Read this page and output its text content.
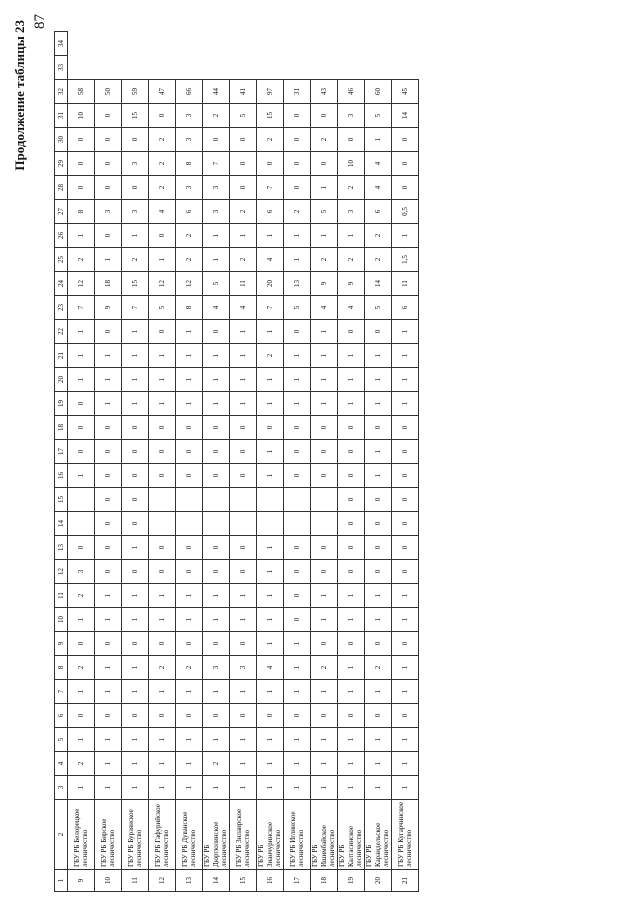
Продолжение таблицы 23 87
1	2	3	4	5	6	7	8	9	10	11	12	13	14	15	16	17	18	19	20	21	22	23	24	25	26	27	28	29	30	31	32	33	34
9	ГБУ РБ Белорецкое лесничество	1	2	1	0	1	2	0	1	2	3	0			1	0	0	0	1	1	1	7	12	2	1	8	0	0	0	10	58		
10	ГБУ РБ Бирское лесничество	1	1	1	0	1	1	0	1	1	0	0	0	0	0	0	0	1	1	1	0	9	18	1	0	3	0	0	0	0	50		
11	ГБУ РБ Бурзянское лесничество	1	1	1	0	1	1	0	1	1	0	1	0	0	0	0	0	1	1	1	1	7	15	2	1	3	0	3	0	15	59		
12	ГБУ РБ Гафурийское лесничество	1	1	1	0	1	2	0	1	1	0	0			0	0	0	1	1	1	0	5	12	1	0	4	2	2	2	0	47		
13	ГБУ РБ Дуванское лесничество	1	1	1	0	1	2	0	1	1	0	0			0	0	0	1	1	1	1	8	12	2	2	6	3	8	3	3	66		
14	ГБУ РБ Дюртюлинское лесничество	1	2	1	0	1	3	0	1	1	0	0			0	0	0	1	1	1	0	4	5	1	1	3	3	7	0	2	44		
15	ГБУ РБ Зилаирское лесничество	1	1	1	0	1	3	0	1	1	0	0			0	0	0	1	1	1	1	4	11	2	1	2	0	0	0	5	41		
16	ГБУ РБ Зианчуринское лесничество	1	1	1	0	1	4	1	1	1	1	1			1	1	0	1	1	2	1	7	20	4	1	6	7	0	2	15	97		
17	ГБУ РБ Иглинское лесничество	1	1	1	0	1	1	1	0	0	0	0			0	0	0	1	1	1	0	5	13	1	1	2	0	0	0	0	31		
18	ГБУ РБ Ишимбайское лесничество	1	1	1	0	1	2	0	1	1	0	0			0	0	0	1	1	1	1	4	9	2	1	5	1	0	2	0	43		
19	ГБУ РБ Калтасинское лесничество	1	1	1	0	1	1	0	1	1	0	0	0	0	0	0	0	1	1	1	0	4	9	2	1	3	2	10	0	3	46		
20	ГБУ РБ Караидельское лесничество	1	1	1	0	1	2	0	1	1	0	0	0	0	1	1	0	1	1	1	0	5	14	2	2	6	4	4	1	5	60		
21	ГБУ РБ Кугарчинское лесничество	1	1	1	0	1	1	0	1	1	0	0	0	0	0	0	0	1	1	1	1	6	11	1,5	1	0,5	0	0	0	14	45		
